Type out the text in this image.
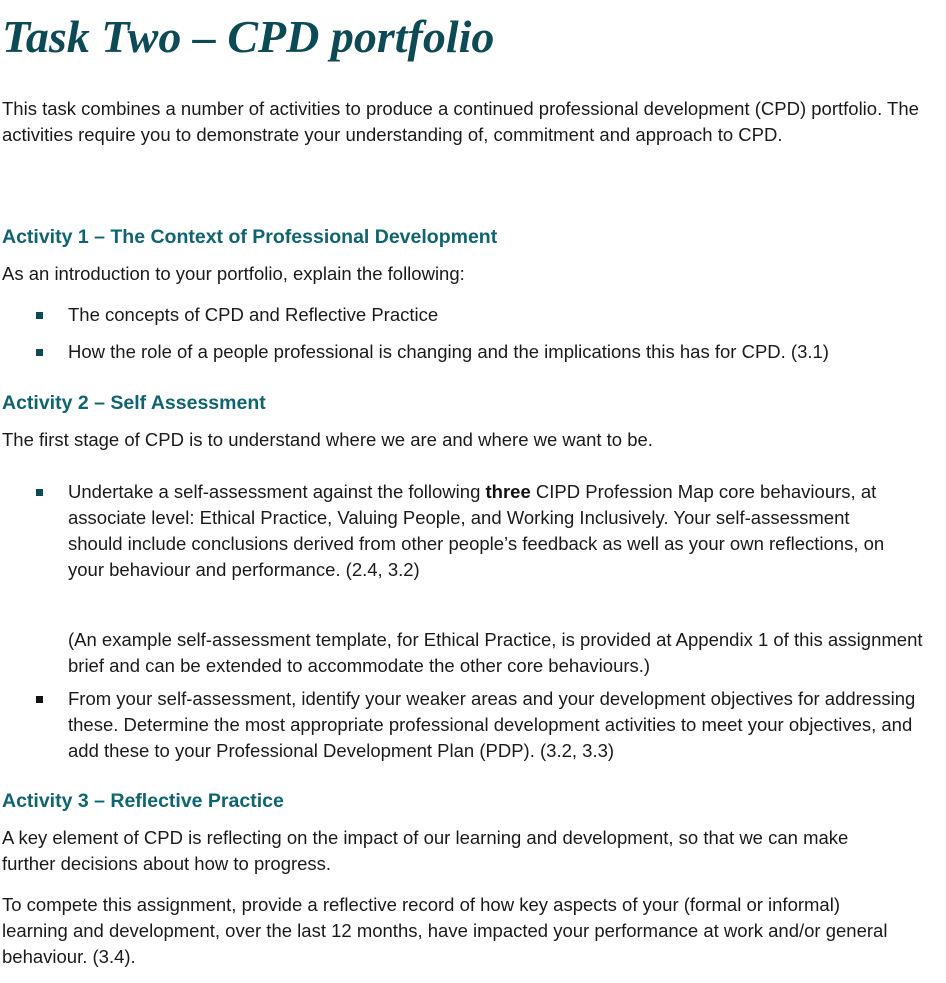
Task Two – CPD portfolio

This task combines a number of activities to produce a continued professional development (CPD) portfolio. The activities require you to demonstrate your understanding of, commitment and approach to CPD.

Activity 1 – The Context of Professional Development

As an introduction to your portfolio, explain the following:

The concepts of CPD and Reflective Practice
How the role of a people professional is changing and the implications this has for CPD. (3.1)
Activity 2 – Self Assessment

The first stage of CPD is to understand where we are and where we want to be.

Undertake a self-assessment against the following three CIPD Profession Map core behaviours, at associate level: Ethical Practice, Valuing People, and Working Inclusively. Your self-assessment should include conclusions derived from other people’s feedback as well as your own reflections, on your behaviour and performance. (2.4, 3.2)

(An example self-assessment template, for Ethical Practice, is provided at Appendix 1 of this assignment brief and can be extended to accommodate the other core behaviours.)

From your self-assessment, identify your weaker areas and your development objectives for addressing these. Determine the most appropriate professional development activities to meet your objectives, and add these to your Professional Development Plan (PDP). (3.2, 3.3)
Activity 3 – Reflective Practice

A key element of CPD is reflecting on the impact of our learning and development, so that we can make further decisions about how to progress.

To compete this assignment, provide a reflective record of how key aspects of your (formal or informal) learning and development, over the last 12 months, have impacted your performance at work and/or general behaviour. (3.4).
